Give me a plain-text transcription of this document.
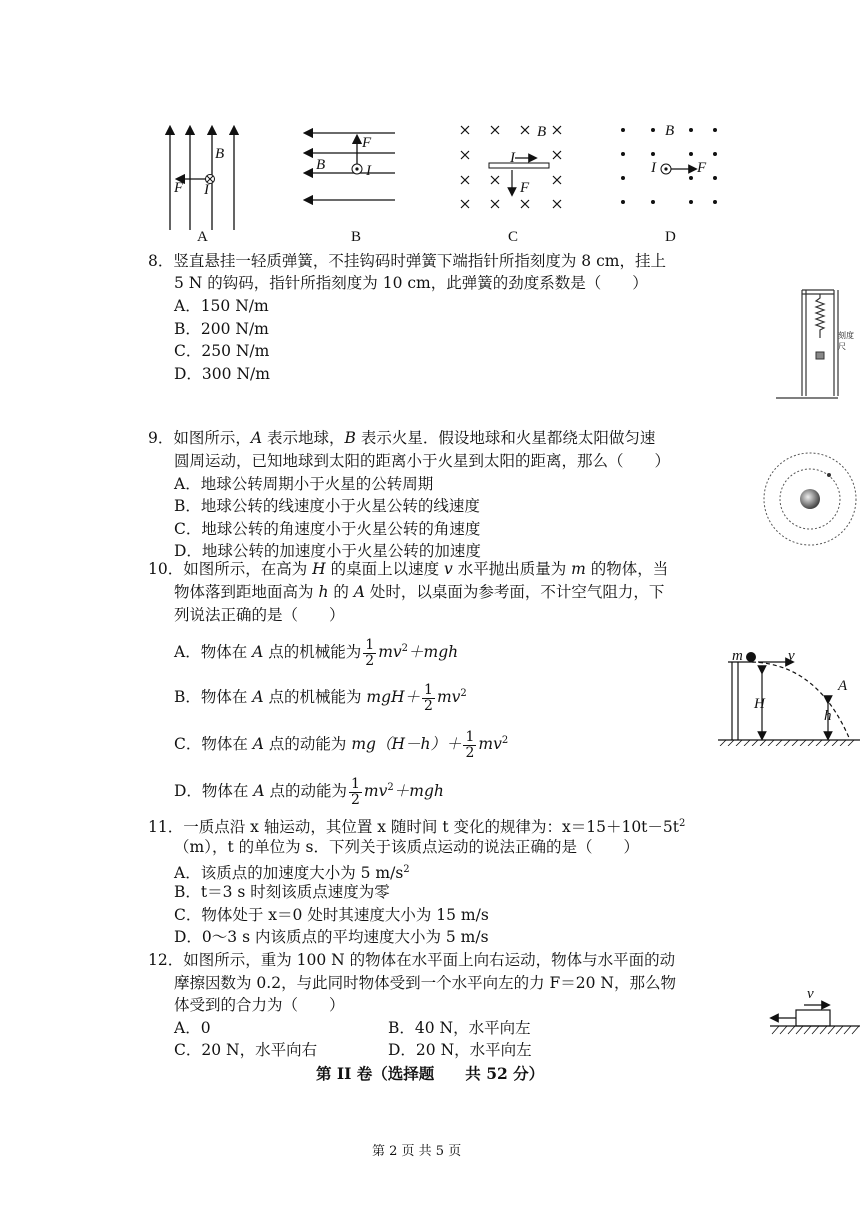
B
F I
A
B
F
I
B
B
I
F
C
B
I	F
D
8．竖直悬挂一轻质弹簧，不挂钩码时弹簧下端指针所指刻度为 8 cm，挂上
5 N 的钩码，指针所指刻度为 10 cm，此弹簧的劲度系数是（　　）
A．150 N/m
B．200 N/m
C．250 N/m
D．300 N/m
刻度尺
9．如图所示，A 表示地球，B 表示火星．假设地球和火星都绕太阳做匀速
圆周运动，已知地球到太阳的距离小于火星到太阳的距离，那么（　　）
A．地球公转周期小于火星的公转周期
B．地球公转的线速度小于火星公转的线速度
C．地球公转的角速度小于火星公转的角速度
D．地球公转的加速度小于火星公转的加速度
10．如图所示，在高为 H 的桌面上以速度 v 水平抛出质量为 m 的物体，当
物体落到距地面高为 h 的 A 处时，以桌面为参考面，不计空气阻力，下
列说法正确的是（　　）
A．物体在 A 点的机械能为 $\frac{1}{2} mv^2+mgh$
B．物体在 A 点的机械能为 $mgH+ \frac{1}{2} mv^2$
C．物体在 A 点的动能为 $mg(H-h)+ \frac{1}{2} mv^2$
D．物体在 A 点的动能为 $\frac{1}{2} mv^2+mgh$
m	v
H
h
A
11．一质点沿 x 轴运动，其位置 x 随时间 t 变化的规律为：$x=15+10t-5t^2$
（m），t 的单位为 s．下列关于该质点运动的说法正确的是（　　）
A．该质点的加速度大小为 5 $m/s^2$
B．t＝3 s 时刻该质点速度为零
C．物体处于 x＝0 处时其速度大小为 15 m/s
D．0～3 s 内该质点的平均速度大小为 5 m/s
12．如图所示，重为 100 N 的物体在水平面上向右运动，物体与水平面的动
摩擦因数为 0.2，与此同时物体受到一个水平向左的力 F＝20 N，那么物
体受到的合力为（　　）
A．0	B．40 N，水平向左
C．20 N，水平向右	D．20 N，水平向左
v
第 II 卷（选择题　　共 52 分）
第 2 页 共 5 页
